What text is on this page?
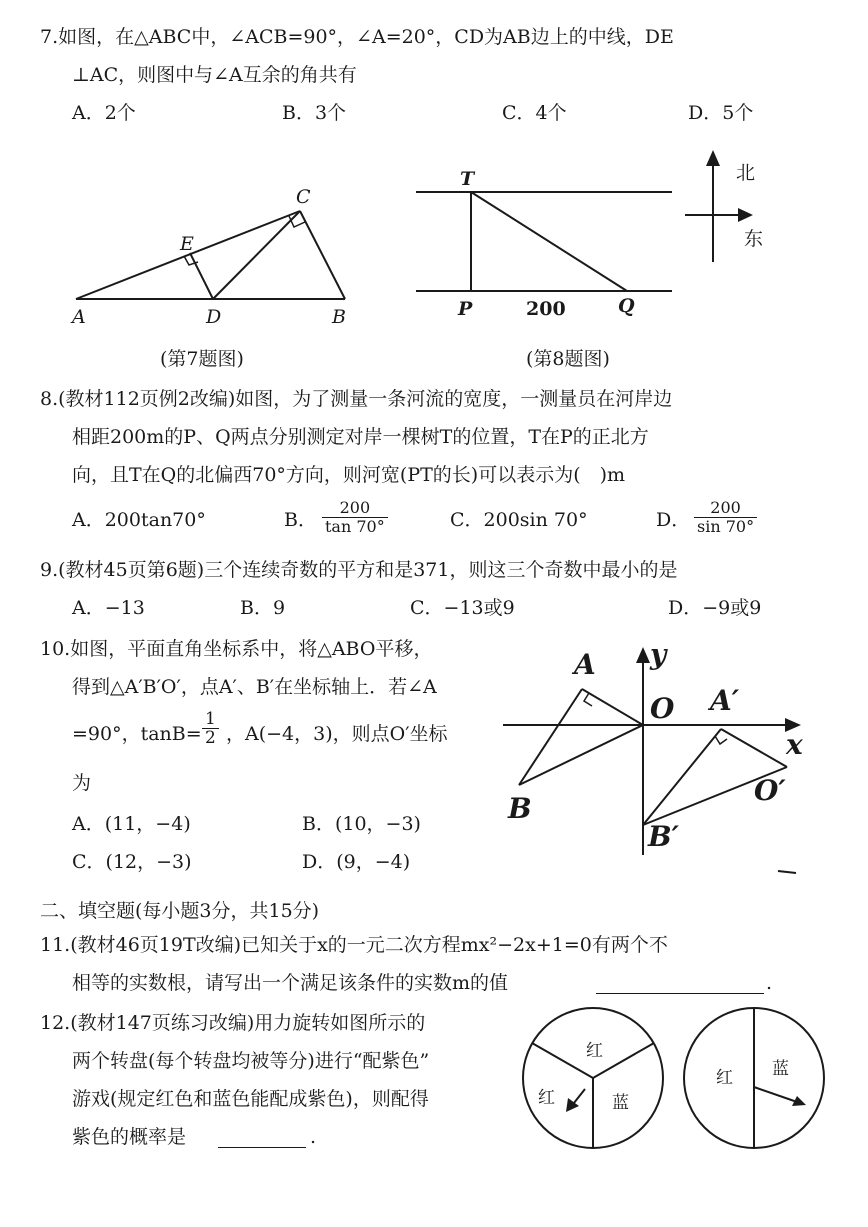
7.如图，在△ABC中，∠ACB=90°，∠A=20°，CD为AB边上的中线，DE
⊥AC，则图中与∠A互余的角共有
A．2个	B．3个	C．4个	D．5个
A	D	B
C
E
(第7题图)
T
P	Q
200
北
东
(第8题图)
8.(教材112页例2改编)如图，为了测量一条河流的宽度，一测量员在河岸边
相距200m的P、Q两点分别测定对岸一棵树T的位置，T在P的正北方
向，且T在Q的北偏西70°方向，则河宽(PT的长)可以表示为(　)m
A．200tan70°	B． $\frac{200}{\tan 70^\circ}$	C．200sin 70°	D． $\frac{200}{\sin 70^\circ}$
9.(教材45页第6题)三个连续奇数的平方和是371，则这三个奇数中最小的是
A．−13	B．9	C．−13或9	D．−9或9
10.如图，平面直角坐标系中，将△ABO平移，
得到△A′B′O′，点A′、B′在坐标轴上．若∠A
=90°，$\tan B= \frac{1}{2}$ ，A(−4，3)，则点O′坐标
为
A．(11，−4)	B．(10，−3)
C．(12，−3)	D．(9，−4)
A y
O A′
x
O′
B
B′
二、填空题(每小题3分，共15分)
11.(教材46页19T改编)已知关于x的一元二次方程mx²−2x+1=0有两个不
相等的实数根，请写出一个满足该条件的实数m的值	.
12.(教材147页练习改编)用力旋转如图所示的
两个转盘(每个转盘均被等分)进行“配紫色”
游戏(规定红色和蓝色能配成紫色)，则配得
紫色的概率是	.
红
红	蓝
红 蓝
